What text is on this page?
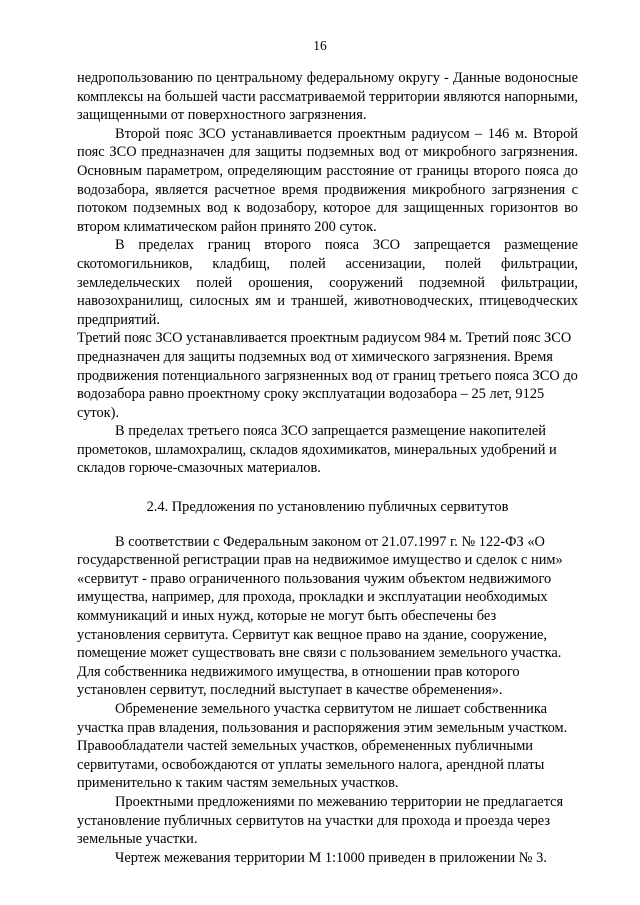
16

недропользованию по центральному федеральному округу - Данные водоносные комплексы на большей части рассматриваемой территории являются напорными, защищенными от поверхностного загрязнения.

Второй пояс ЗСО устанавливается проектным радиусом – 146 м. Второй пояс ЗСО предназначен для защиты подземных вод от микробного загрязнения. Основным параметром, определяющим расстояние от границы второго пояса до водозабора, является расчетное время продвижения микробного загрязнения с потоком подземных вод к водозабору, которое для защищенных горизонтов во втором климатическом район принято 200 суток.

В пределах границ второго пояса ЗСО запрещается размещение скотомогильников, кладбищ, полей ассенизации, полей фильтрации, земледельческих полей орошения, сооружений подземной фильтрации, навозохранилищ, силосных ям и траншей, животноводческих, птицеводческих предприятий.

Третий пояс ЗСО устанавливается проектным радиусом 984 м. Третий пояс ЗСО предназначен для защиты подземных вод от химического загрязнения. Время продвижения потенциального загрязненных вод от границ третьего пояса ЗСО до водозабора равно проектному сроку эксплуатации водозабора – 25 лет, 9125 суток).

В пределах третьего пояса ЗСО запрещается размещение накопителей прометоков, шламохралищ, складов ядохимикатов, минеральных удобрений и складов горюче-смазочных материалов.

2.4. Предложения по установлению публичных сервитутов

В соответствии с Федеральным законом от 21.07.1997 г. № 122-ФЗ «О государственной регистрации прав на недвижимое имущество и сделок с ним» «сервитут - право ограниченного пользования чужим объектом недвижимого имущества, например, для прохода, прокладки и эксплуатации необходимых коммуникаций и иных нужд, которые не могут быть обеспечены без установления сервитута. Сервитут как вещное право на здание, сооружение, помещение может существовать вне связи с пользованием земельного участка. Для собственника недвижимого имущества, в отношении прав которого установлен сервитут, последний выступает в качестве обременения».

Обременение земельного участка сервитутом не лишает собственника участка прав владения, пользования и распоряжения этим земельным участком. Правообладатели частей земельных участков, обремененных публичными сервитутами, освобождаются от уплаты земельного налога, арендной платы применительно к таким частям земельных участков.

Проектными предложениями по межеванию территории не предлагается установление публичных сервитутов на участки для прохода и проезда через земельные участки.

Чертеж межевания территории М 1:1000 приведен в приложении № 3.
